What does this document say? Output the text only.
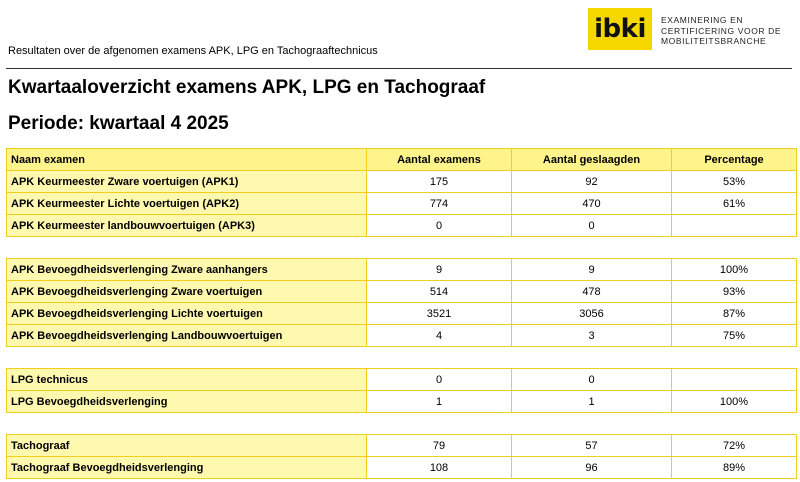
Resultaten over de afgenomen examens APK, LPG en Tachograaftechnicus
ibki EXAMINERING EN
CERTIFICERING VOOR DE
MOBILITEITSBRANCHE
Kwartaaloverzicht examens APK, LPG en Tachograaf
Periode: kwartaal 4 2025
Naam examen	Aantal examens	Aantal geslaagden	Percentage
APK Keurmeester Zware voertuigen (APK1)	175	92	53%
APK Keurmeester Lichte voertuigen (APK2)	774	470	61%
APK Keurmeester landbouwvoertuigen (APK3)	0	0	

APK Bevoegdheidsverlenging Zware aanhangers	9	9	100%
APK Bevoegdheidsverlenging Zware voertuigen	514	478	93%
APK Bevoegdheidsverlenging Lichte voertuigen	3521	3056	87%
APK Bevoegdheidsverlenging Landbouwvoertuigen	4	3	75%

LPG technicus	0	0	
LPG Bevoegdheidsverlenging	1	1	100%

Tachograaf	79	57	72%
Tachograaf Bevoegdheidsverlenging	108	96	89%
